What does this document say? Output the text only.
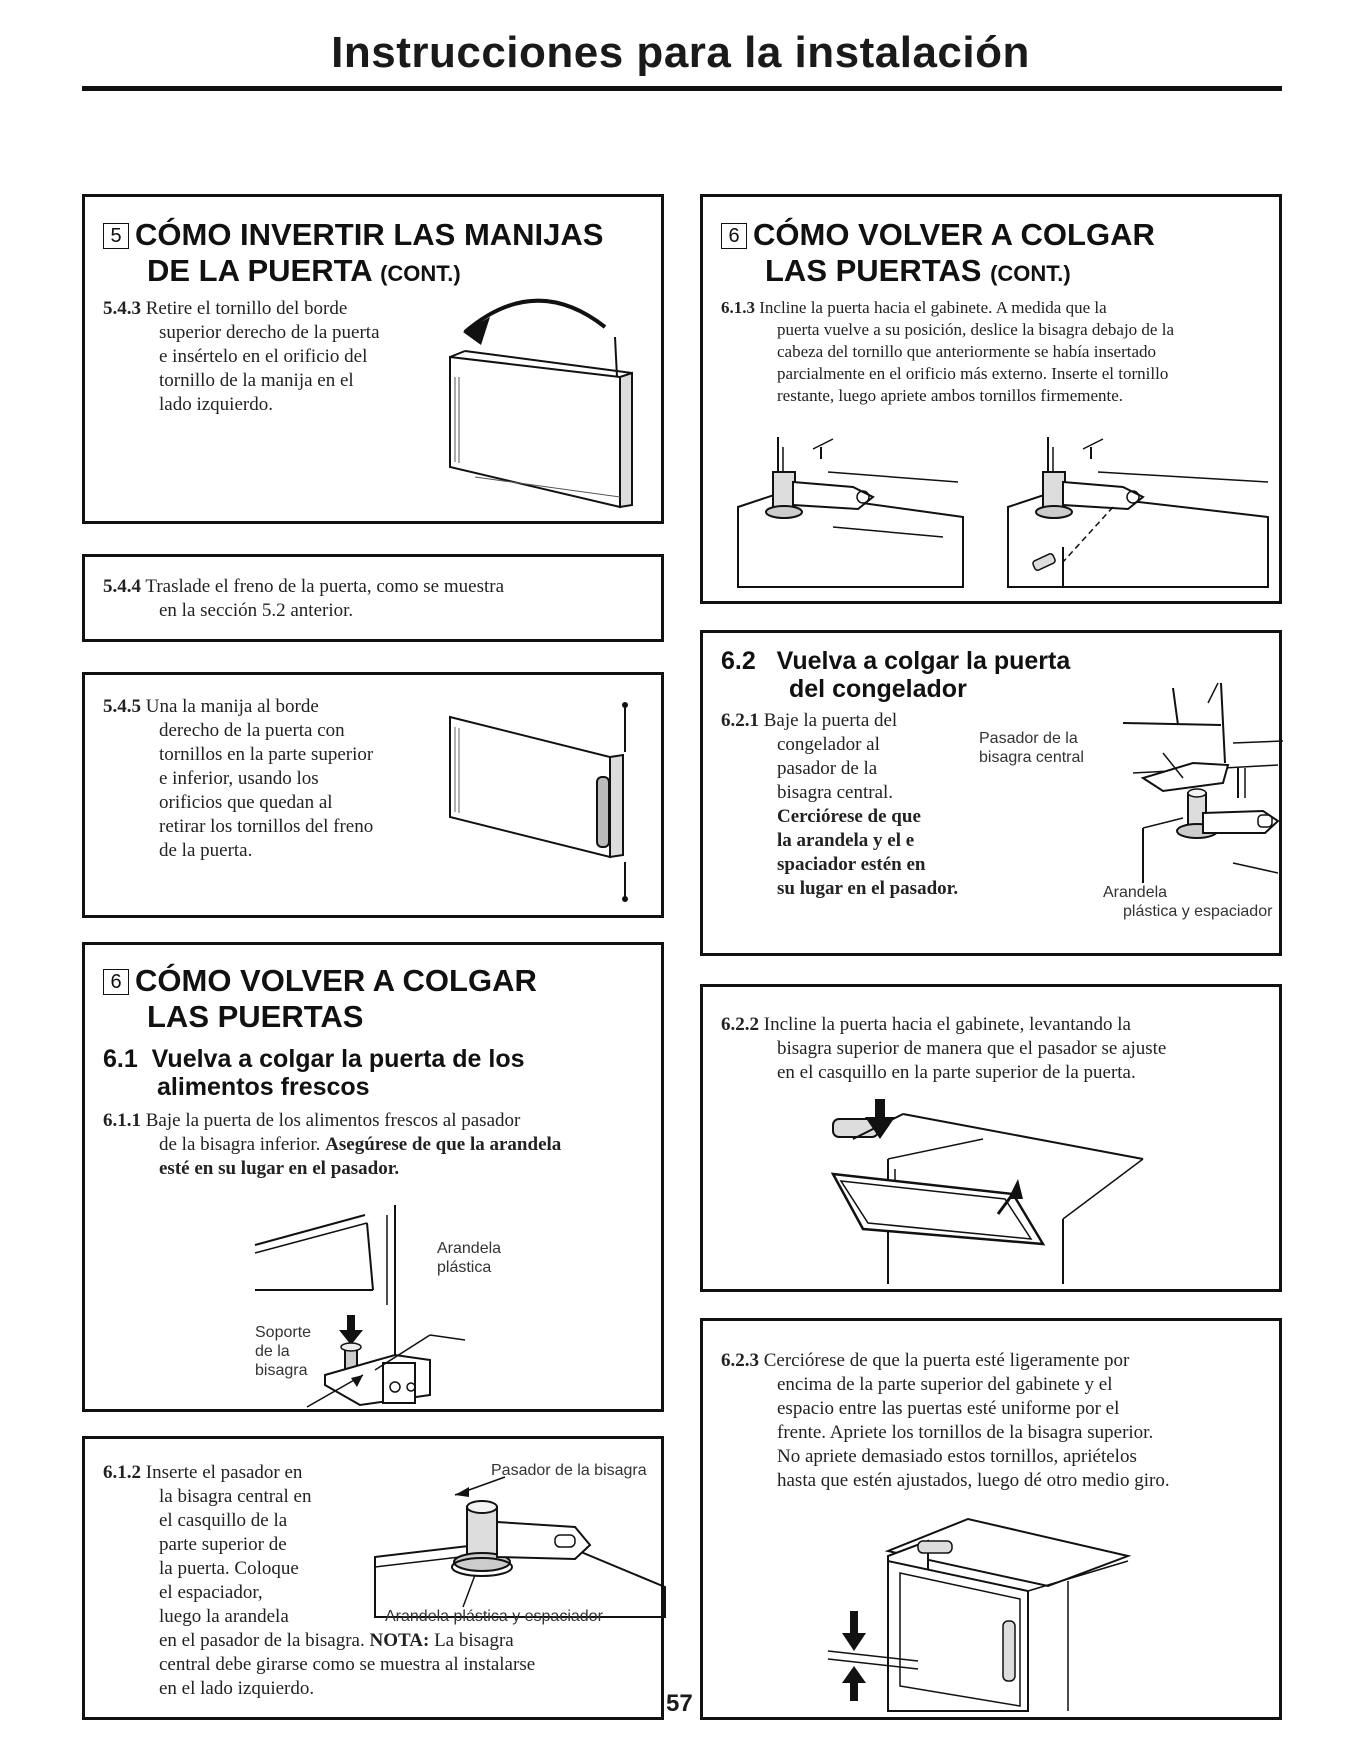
Instrucciones para la instalación
5 CÓMO INVERTIR LAS MANIJAS
DE LA PUERTA (CONT.)
5.4.3 Retire el tornillo del borde
superior derecho de la puerta
e insértelo en el orificio del
tornillo de la manija en el
lado izquierdo.
5.4.4 Traslade el freno de la puerta, como se muestra
en la sección 5.2 anterior.
5.4.5 Una la manija al borde
derecho de la puerta con
tornillos en la parte superior
e inferior, usando los
orificios que quedan al
retirar los tornillos del freno
de la puerta.
6 CÓMO VOLVER A COLGAR
LAS PUERTAS
6.1 Vuelva a colgar la puerta de los
alimentos frescos
6.1.1 Baje la puerta de los alimentos frescos al pasador
de la bisagra inferior. Asegúrese de que la arandela
esté en su lugar en el pasador.
Arandela
plástica
Soporte
de la
bisagra
6.1.2 Inserte el pasador en
la bisagra central en
el casquillo de la
parte superior de
la puerta. Coloque
el espaciador,
luego la arandela
en el pasador de la bisagra. NOTA: La bisagra
central debe girarse como se muestra al instalarse
en el lado izquierdo.
Pasador de la bisagra
Arandela plástica y espaciador
57
6 CÓMO VOLVER A COLGAR
LAS PUERTAS (CONT.)
6.1.3 Incline la puerta hacia el gabinete. A medida que la
puerta vuelve a su posición, deslice la bisagra debajo de la
cabeza del tornillo que anteriormente se había insertado
parcialmente en el orificio más externo. Inserte el tornillo
restante, luego apriete ambos tornillos firmemente.
6.2 Vuelva a colgar la puerta
del congelador
6.2.1 Baje la puerta del
congelador al
pasador de la
bisagra central.
Cerciórese de que
la arandela y el e
spaciador estén en
su lugar en el pasador.
Pasador de la
bisagra central
Arandela
plástica y espaciador
6.2.2 Incline la puerta hacia el gabinete, levantando la
bisagra superior de manera que el pasador se ajuste
en el casquillo en la parte superior de la puerta.
6.2.3 Cerciórese de que la puerta esté ligeramente por
encima de la parte superior del gabinete y el
espacio entre las puertas esté uniforme por el
frente. Apriete los tornillos de la bisagra superior.
No apriete demasiado estos tornillos, apriételos
hasta que estén ajustados, luego dé otro medio giro.
